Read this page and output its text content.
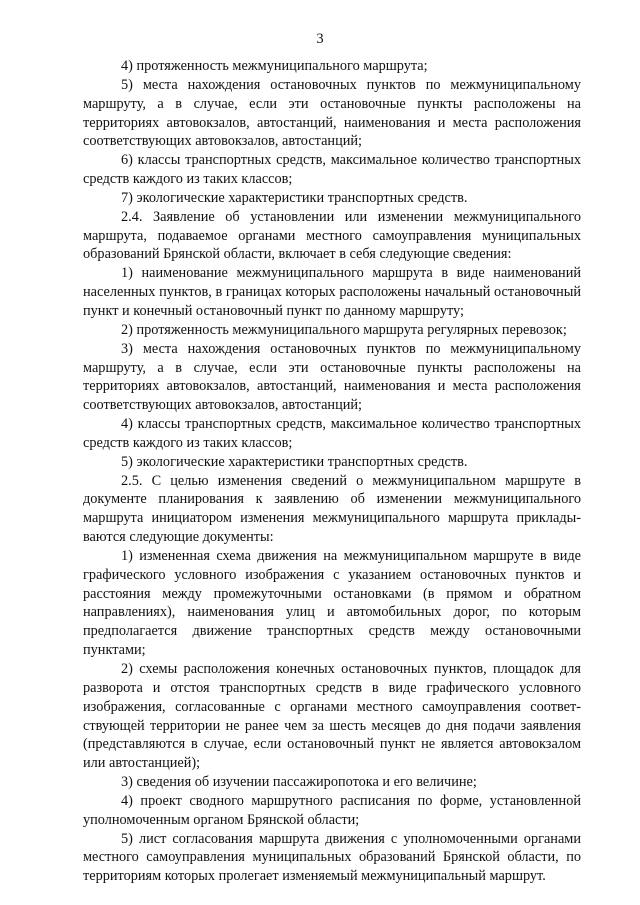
3

4) протяженность межмуниципального маршрута;

5) места нахождения остановочных пунктов по межмуниципальному маршруту, а в случае, если эти остановочные пункты расположены на территориях автовокзалов, автостанций, наименования и места расположения соответствующих автовокзалов, автостанций;

6) классы транспортных средств, максимальное количество транспортных средств каждого из таких классов;

7) экологические характеристики транспортных средств.

2.4. Заявление об установлении или изменении межмуниципального маршрута, подаваемое органами местного самоуправления муниципальных образований Брянской области, включает в себя следующие сведения:

1) наименование межмуниципального маршрута в виде наименований населенных пунктов, в границах которых расположены начальный остановочный пункт и конечный остановочный пункт по данному маршруту;

2) протяженность межмуниципального маршрута регулярных перевозок;

3) места нахождения остановочных пунктов по межмуниципальному маршруту, а в случае, если эти остановочные пункты расположены на территориях автовокзалов, автостанций, наименования и места расположения соответствующих автовокзалов, автостанций;

4) классы транспортных средств, максимальное количество транспортных средств каждого из таких классов;

5) экологические характеристики транспортных средств.

2.5. С целью изменения сведений о межмуниципальном маршруте в документе планирования к заявлению об изменении межмуниципального маршрута инициатором изменения межмуниципального маршрута прикладываются следующие документы:

1) измененная схема движения на межмуниципальном маршруте в виде графического условного изображения с указанием остановочных пунктов и расстояния между промежуточными остановками (в прямом и обратном направлениях), наименования улиц и автомобильных дорог, по которым предполагается движение транспортных средств между остановочными пунктами;

2) схемы расположения конечных остановочных пунктов, площадок для разворота и отстоя транспортных средств в виде графического условного изображения, согласованные с органами местного самоуправления соответствующей территории не ранее чем за шесть месяцев до дня подачи заявления (представляются в случае, если остановочный пункт не является автовокзалом или автостанцией);

3) сведения об изучении пассажиропотока и его величине;

4) проект сводного маршрутного расписания по форме, установленной уполномоченным органом Брянской области;

5) лист согласования маршрута движения с уполномоченными органами местного самоуправления муниципальных образований Брянской области, по территориям которых пролегает изменяемый межмуниципальный маршрут.
